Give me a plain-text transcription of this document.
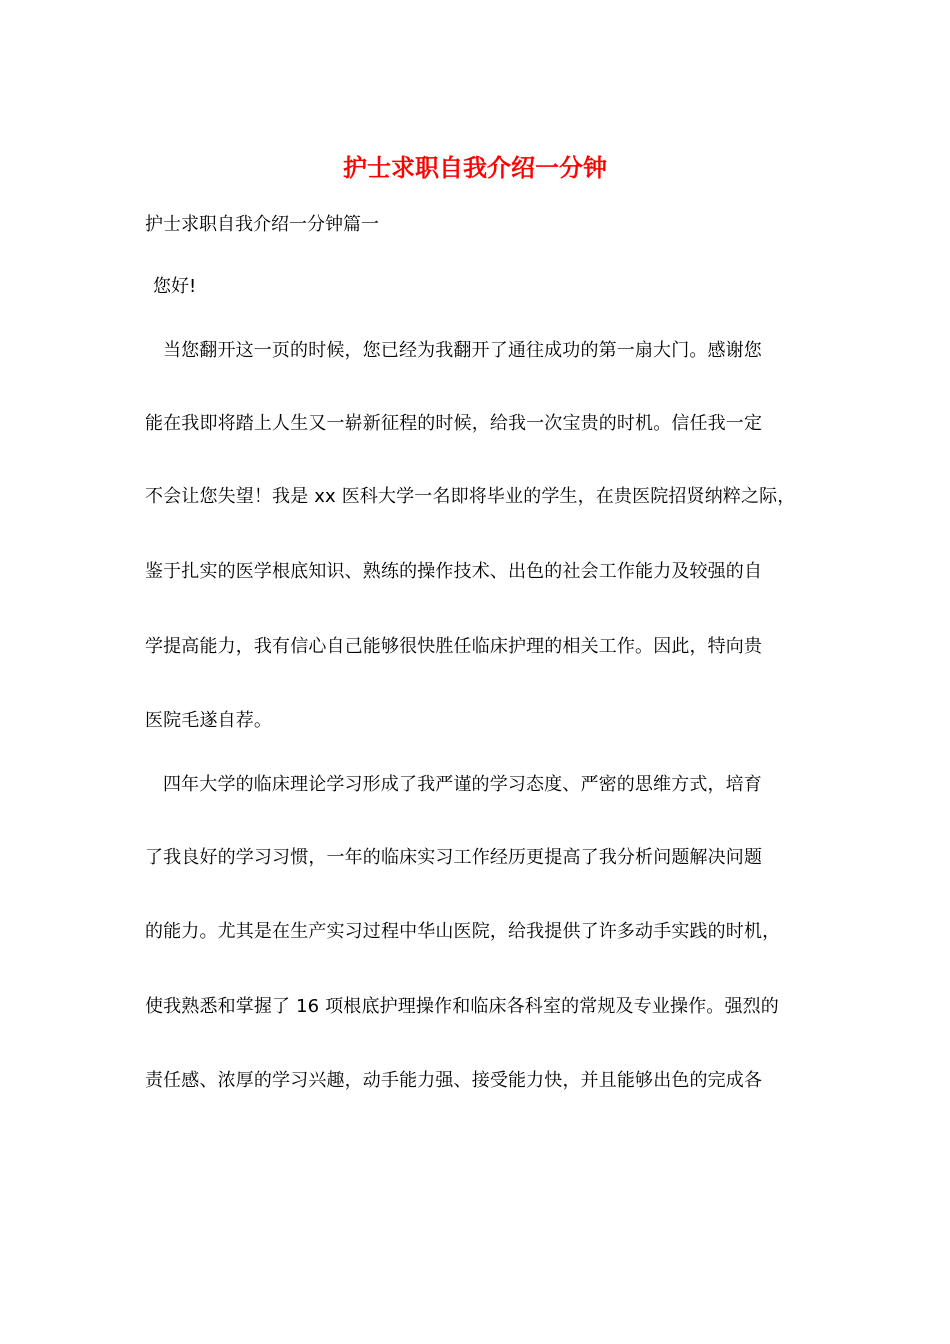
护士求职自我介绍一分钟

护士求职自我介绍一分钟篇一

您好!

当您翻开这一页的时候，您已经为我翻开了通往成功的第一扇大门。感谢您

能在我即将踏上人生又一崭新征程的时候，给我一次宝贵的时机。信任我一定

不会让您失望！我是 xx 医科大学一名即将毕业的学生，在贵医院招贤纳粹之际，

鉴于扎实的医学根底知识、熟练的操作技术、出色的社会工作能力及较强的自

学提高能力，我有信心自己能够很快胜任临床护理的相关工作。因此，特向贵

医院毛遂自荐。

四年大学的临床理论学习形成了我严谨的学习态度、严密的思维方式，培育

了我良好的学习习惯，一年的临床实习工作经历更提高了我分析问题解决问题

的能力。尤其是在生产实习过程中华山医院，给我提供了许多动手实践的时机，

使我熟悉和掌握了 16 项根底护理操作和临床各科室的常规及专业操作。强烈的

责任感、浓厚的学习兴趣，动手能力强、接受能力快，并且能够出色的完成各
